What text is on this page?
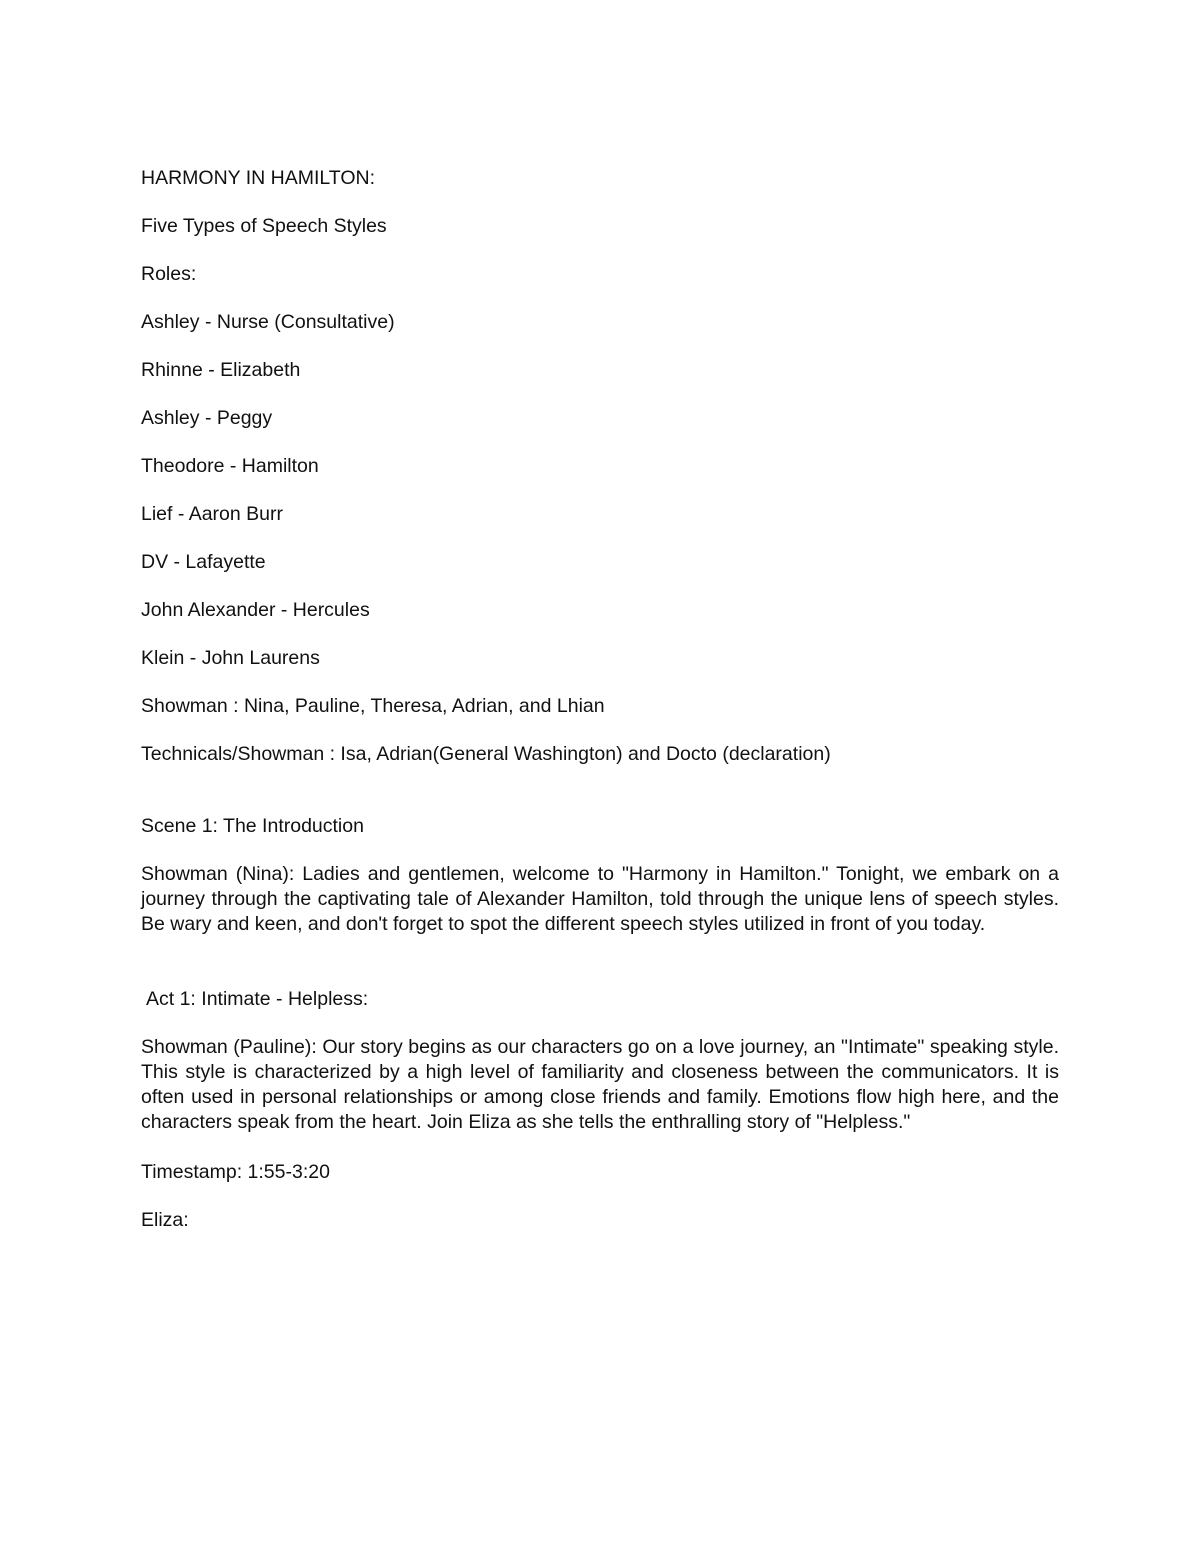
HARMONY IN HAMILTON:

Five Types of Speech Styles

Roles:

Ashley - Nurse (Consultative)

Rhinne - Elizabeth

Ashley - Peggy

Theodore - Hamilton

Lief - Aaron Burr

DV - Lafayette

John Alexander - Hercules

Klein - John Laurens

Showman : Nina, Pauline, Theresa, Adrian, and Lhian

Technicals/Showman : Isa, Adrian(General Washington) and Docto (declaration)

Scene 1: The Introduction

Showman (Nina): Ladies and gentlemen, welcome to "Harmony in Hamilton." Tonight, we embark on a journey through the captivating tale of Alexander Hamilton, told through the unique lens of speech styles. Be wary and keen, and don't forget to spot the different speech styles utilized in front of you today.

Act 1: Intimate - Helpless:

Showman (Pauline): Our story begins as our characters go on a love journey, an "Intimate" speaking style. This style is characterized by a high level of familiarity and closeness between the communicators. It is often used in personal relationships or among close friends and family. Emotions flow high here, and the characters speak from the heart. Join Eliza as she tells the enthralling story of "Helpless."

Timestamp: 1:55-3:20

Eliza:
